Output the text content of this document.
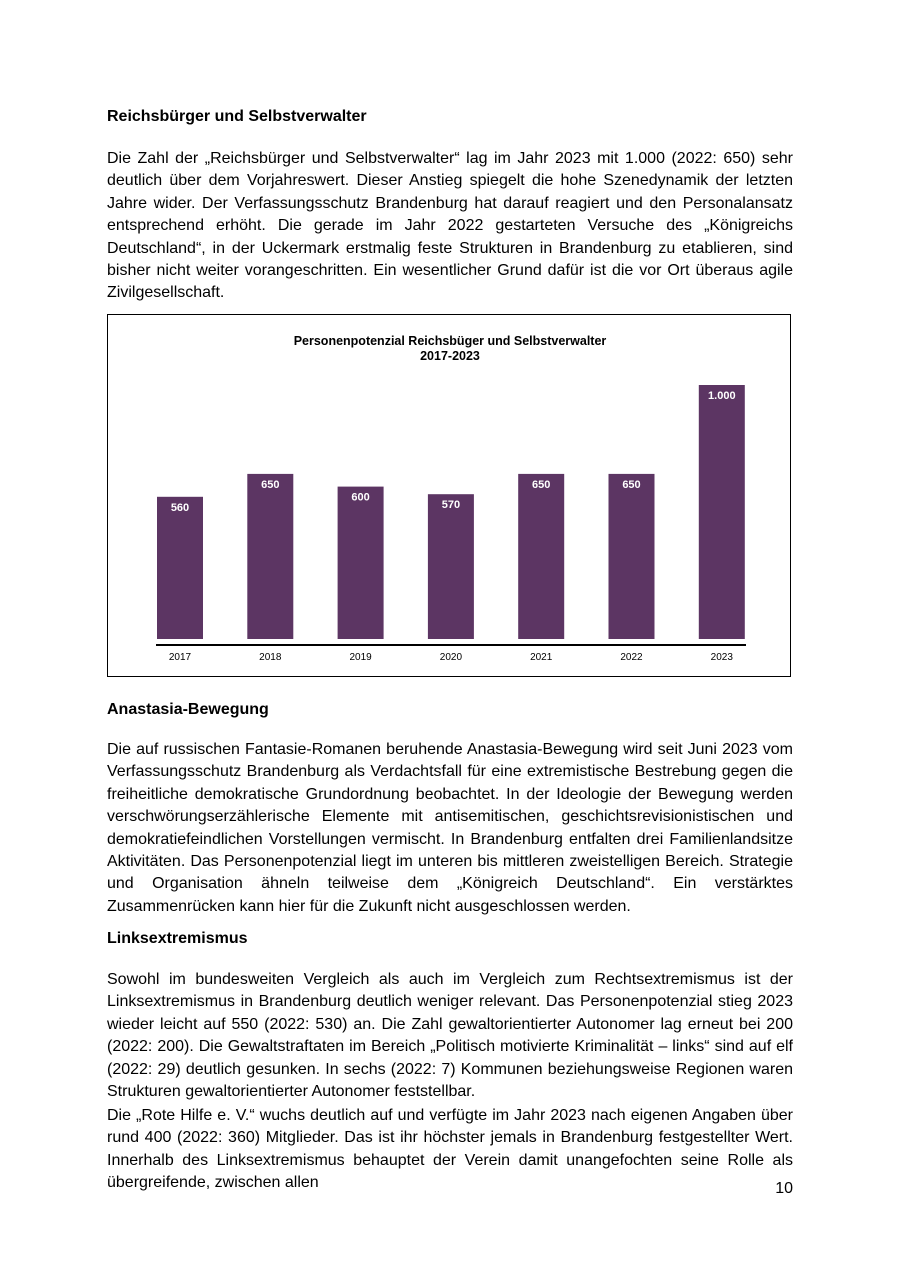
Reichsbürger und Selbstverwalter

Die Zahl der „Reichsbürger und Selbstverwalter“ lag im Jahr 2023 mit 1.000 (2022: 650) sehr deutlich über dem Vorjahreswert. Dieser Anstieg spiegelt die hohe Szenedynamik der letzten Jahre wider. Der Verfassungsschutz Brandenburg hat darauf reagiert und den Personalansatz entsprechend erhöht. Die gerade im Jahr 2022 gestarteten Versuche des „Königreichs Deutschland“, in der Uckermark erstmalig feste Strukturen in Brandenburg zu etablieren, sind bisher nicht weiter vorangeschritten. Ein wesentlicher Grund dafür ist die vor Ort überaus agile Zivilgesellschaft.

Anastasia-Bewegung

Die auf russischen Fantasie-Romanen beruhende Anastasia-Bewegung wird seit Juni 2023 vom Verfassungsschutz Brandenburg als Verdachtsfall für eine extremistische Bestrebung gegen die freiheitliche demokratische Grundordnung beobachtet. In der Ideologie der Bewegung werden verschwörungserzählerische Elemente mit antisemitischen, geschichtsrevisionistischen und demokratiefeindlichen Vorstellungen vermischt. In Brandenburg entfalten drei Familienlandsitze Aktivitäten. Das Personenpotenzial liegt im unteren bis mittleren zweistelligen Bereich. Strategie und Organisation ähneln teilweise dem „Königreich Deutschland“. Ein verstärktes Zusammenrücken kann hier für die Zukunft nicht ausgeschlossen werden.

Linksextremismus

Sowohl im bundesweiten Vergleich als auch im Vergleich zum Rechtsextremismus ist der Linksextremismus in Brandenburg deutlich weniger relevant. Das Personenpotenzial stieg 2023 wieder leicht auf 550 (2022: 530) an. Die Zahl gewaltorientierter Autonomer lag erneut bei 200 (2022: 200). Die Gewaltstraftaten im Bereich „Politisch motivierte Kriminalität – links“ sind auf elf (2022: 29) deutlich gesunken. In sechs (2022: 7) Kommunen beziehungsweise Regionen waren Strukturen gewaltorientierter Autonomer feststellbar.

Die „Rote Hilfe e. V.“ wuchs deutlich auf und verfügte im Jahr 2023 nach eigenen Angaben über rund 400 (2022: 360) Mitglieder. Das ist ihr höchster jemals in Brandenburg festgestellter Wert. Innerhalb des Linksextremismus behauptet der Verein damit unangefochten seine Rolle als übergreifende, zwischen allen

Personenpotenzial Reichsbüger und Selbstverwalter
2017-2023
560
650
600
570
650	650
1.000
2017	2018	2019	2020	2021	2022	2023
10
